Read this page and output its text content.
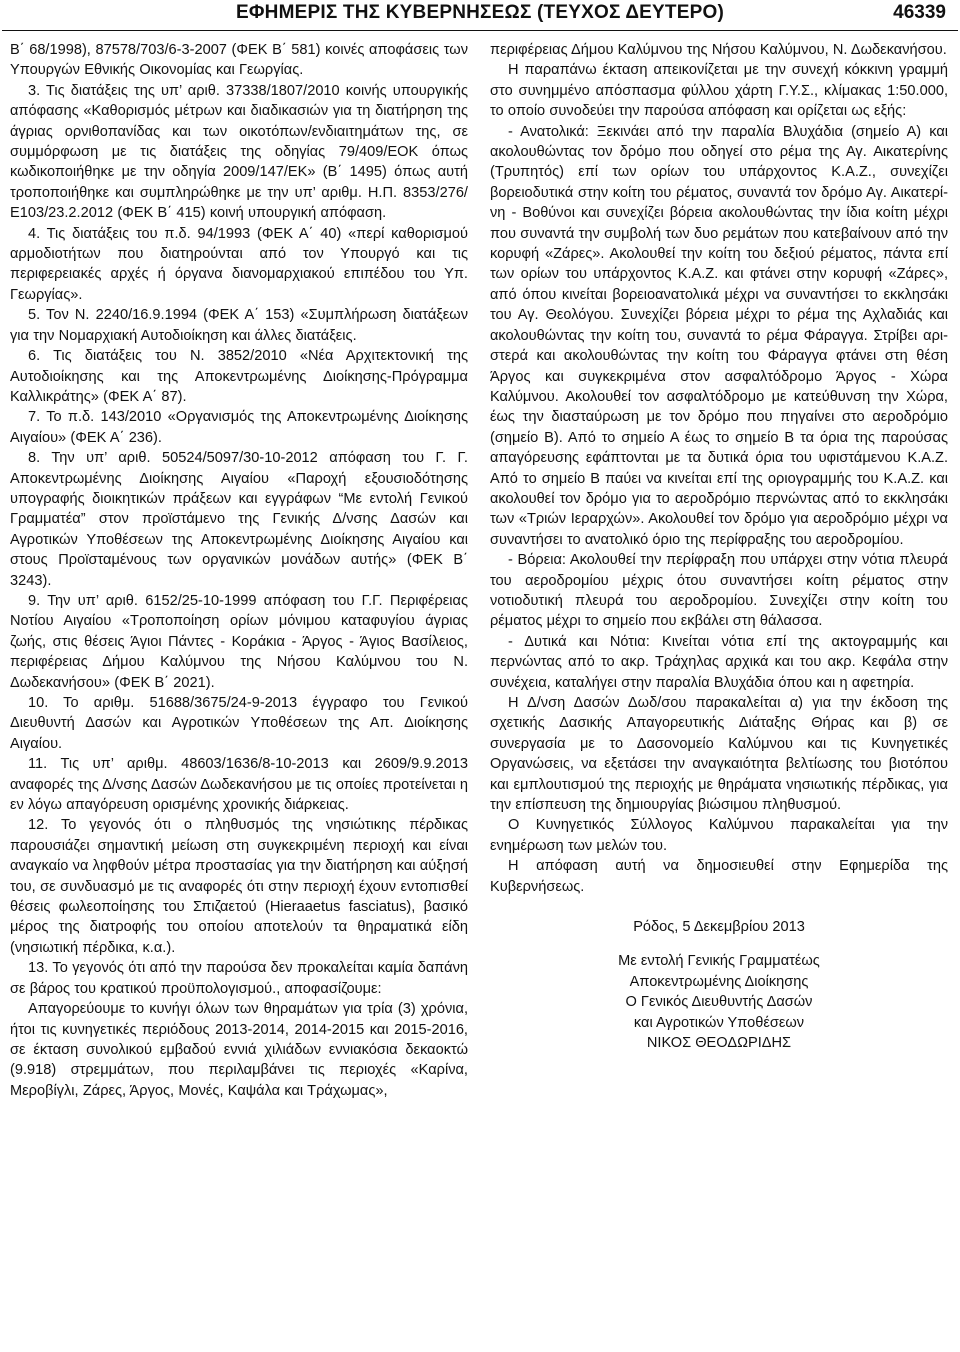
ΕΦΗΜΕΡΙΣ ΤΗΣ ΚΥΒΕΡΝΗΣΕΩΣ (ΤΕΥΧΟΣ ΔΕΥΤΕΡΟ)	46339

Β΄ 68/1998), 87578/703/6-3-2007 (ΦΕΚ Β΄ 581) κοινές αποφάσεις των Υπουργών Εθνικής Οικονομίας και Γεωργίας.

3. Τις διατάξεις της υπ’ αριθ. 37338/1807/2010 κοινής υπουργικής απόφασης «Καθορισμός μέτρων και διαδικασιών για τη διατήρηση της άγριας ορνιθοπανίδας και των οικοτόπων/ενδιαιτημάτων της, σε συμμόρφωση με τις διατάξεις της οδηγίας 79/409/ΕΟΚ όπως κωδικοποιήθηκε με την οδηγία 2009/147/ΕΚ» (Β΄ 1495) όπως αυτή τροποποιήθηκε και συμπληρώθηκε με την υπ’ αριθμ. Η.Π. 8353/276/Ε103/23.2.2012 (ΦΕΚ Β΄ 415) κοινή υπουργική απόφαση.

4. Τις διατάξεις του π.δ. 94/1993 (ΦΕΚ Α΄ 40) «περί καθορισμού αρμοδιοτήτων που διατηρούνται από τον Υπουργό και τις περιφερειακές αρχές ή όργανα διανομαρχιακού επιπέδου του Υπ. Γεωργίας».

5. Τον Ν. 2240/16.9.1994 (ΦΕΚ Α΄ 153) «Συμπλήρωση διατάξεων για την Νομαρχιακή Αυτοδιοίκηση και άλλες διατάξεις.

6. Τις διατάξεις του Ν. 3852/2010 «Νέα Αρχιτεκτονική της Αυτοδιοίκησης και της Αποκεντρωμένης Διοίκησης-Πρόγραμμα Καλλικράτης» (ΦΕΚ Α΄ 87).

7. Το π.δ. 143/2010 «Οργανισμός της Αποκεντρωμένης Διοίκησης Αιγαίου» (ΦΕΚ Α΄ 236).

8. Την υπ’ αριθ. 50524/5097/30-10-2012 απόφαση του Γ. Γ. Αποκεντρωμένης Διοίκησης Αιγαίου «Παροχή εξουσιοδότησης υπογραφής διοικητικών πράξεων και εγγράφων “Με εντολή Γενικού Γραμματέα” στον προϊστάμενο της Γενικής Δ/νσης Δασών και Αγροτικών Υποθέσεων της Αποκεντρωμένης Διοίκησης Αιγαίου και στους Προϊσταμένους των οργανικών μονάδων αυτής» (ΦΕΚ Β΄ 3243).

9. Την υπ’ αριθ. 6152/25-10-1999 απόφαση του Γ.Γ. Περιφέρειας Νοτίου Αιγαίου «Τροποποίηση ορίων μόνιμου καταφυγίου άγριας ζωής, στις θέσεις Άγιοι Πάντες - Κοράκια - Άργος - Άγιος Βασίλειος, περιφέρειας Δήμου Καλύμνου της Νήσου Καλύμνου του Ν. Δωδεκανήσου» (ΦΕΚ Β΄ 2021).

10. Το αριθμ. 51688/3675/24-9-2013 έγγραφο του Γενικού Διευθυντή Δασών και Αγροτικών Υποθέσεων της Απ. Διοίκησης Αιγαίου.

11. Τις υπ’ αριθμ. 48603/1636/8-10-2013 και 2609/9.9.2013 αναφορές της Δ/νσης Δασών Δωδεκανήσου με τις οποίες προτείνεται η εν λόγω απαγόρευση ορισμένης χρονικής διάρκειας.

12. Το γεγονός ότι ο πληθυσμός της νησιώτικης πέρδικας παρουσιάζει σημαντική μείωση στη συγκεκριμένη περιοχή και είναι αναγκαίο να ληφθούν μέτρα προστασίας για την διατήρηση και αύξησή του, σε συνδυασμό με τις αναφορές ότι στην περιοχή έχουν εντοπισθεί θέσεις φωλεοποίησης του Σπιζαετού (Hieraaetus fasciatus), βασικό μέρος της διατροφής του οποίου αποτελούν τα θηραματικά είδη (νησιωτική πέρδικα, κ.α.).

13. Το γεγονός ότι από την παρούσα δεν προκαλείται καμία δαπάνη σε βάρος του κρατικού προϋπολογισμού., αποφασίζουμε:

Απαγορεύουμε το κυνήγι όλων των θηραμάτων για τρία (3) χρόνια, ήτοι τις κυνηγετικές περιόδους 2013-2014, 2014-2015 και 2015-2016, σε έκταση συνολικού εμβαδού εννιά χιλιάδων εννιακόσια δεκαοκτώ (9.918) στρεμμάτων, που περιλαμβάνει τις περιοχές «Καρίνα, Μεροβίγλι, Ζάρες, Άργος, Μονές, Καψάλα και Τράχωμας»,

περιφέρειας Δήμου Καλύμνου της Νήσου Καλύμνου, Ν. Δωδεκανήσου.

Η παραπάνω έκταση απεικονίζεται με την συνεχή κόκκινη γραμμή στο συνημμένο απόσπασμα φύλλου χάρτη Γ.Υ.Σ., κλίμακας 1:50.000, το οποίο συνοδεύει την παρούσα απόφαση και ορίζεται ως εξής:

- Ανατολικά: Ξεκινάει από την παραλία Βλυχάδια (σημείο Α) και ακολουθώντας τον δρόμο που οδηγεί στο ρέμα της Αγ. Αικατερίνης (Τρυπητός) επί των ορίων του υπάρχοντος Κ.Α.Ζ., συνεχίζει βορειοδυτικά στην κοίτη του ρέματος, συναντά τον δρόμο Αγ. Αικατερίνη - Βοθύνοι και συνεχίζει βόρεια ακολουθώντας την ίδια κοίτη μέχρι που συναντά την συμβολή των δυο ρεμάτων που κατεβαίνουν από την κορυφή «Ζάρες». Ακολουθεί την κοίτη του δεξιού ρέματος, πάντα επί των ορίων του υπάρχοντος Κ.Α.Ζ. και φτάνει στην κορυφή «Ζάρες», από όπου κινείται βορειοανατολικά μέχρι να συναντήσει το εκκλησάκι του Αγ. Θεολόγου. Συνεχίζει βόρεια μέχρι το ρέμα της Αχλαδιάς και ακολουθώντας την κοίτη του, συναντά το ρέμα Φάραγγα. Στρίβει αριστερά και ακολουθώντας την κοίτη του Φάραγγα φτάνει στη θέση Άργος και συγκεκριμένα στον ασφαλτόδρομο Άργος - Χώρα Καλύμνου. Ακολουθεί τον ασφαλτόδρομο με κατεύθυνση την Χώρα, έως την διασταύρωση με τον δρόμο που πηγαίνει στο αεροδρόμιο (σημείο Β). Από το σημείο Α έως το σημείο Β τα όρια της παρούσας απαγόρευσης εφάπτονται με τα δυτικά όρια του υφιστάμενου Κ.Α.Ζ. Από το σημείο Β παύει να κινείται επί της οριογραμμής του Κ.Α.Ζ. και ακολουθεί τον δρόμο για το αεροδρόμιο περνώντας από το εκκλησάκι των «Τριών Ιεραρχών». Ακολουθεί τον δρόμο για αεροδρόμιο μέχρι να συναντήσει το ανατολικό όριο της περίφραξης του αεροδρομίου.

- Βόρεια: Ακολουθεί την περίφραξη που υπάρχει στην νότια πλευρά του αεροδρομίου μέχρις ότου συναντήσει κοίτη ρέματος στην νοτιοδυτική πλευρά του αεροδρομίου. Συνεχίζει στην κοίτη του ρέματος μέχρι το σημείο που εκβάλει στη θάλασσα.

- Δυτικά και Νότια: Κινείται νότια επί της ακτογραμμής και περνώντας από το ακρ. Τράχηλας αρχικά και του ακρ. Κεφάλα στην συνέχεια, καταλήγει στην παραλία Βλυχάδια όπου και η αφετηρία.

Η Δ/νση Δασών Δωδ/σου παρακαλείται α) για την έκδοση της σχετικής Δασικής Απαγορευτικής Διάταξης Θήρας και β) σε συνεργασία με το Δασονομείο Καλύμνου και τις Κυνηγετικές Οργανώσεις, να εξετάσει την αναγκαιότητα βελτίωσης του βιοτόπου και εμπλουτισμού της περιοχής με θηράματα νησιωτικής πέρδικας, για την επίσπευση της δημιουργίας βιώσιμου πληθυσμού.

Ο Κυνηγετικός Σύλλογος Καλύμνου παρακαλείται για την ενημέρωση των μελών του.

Η απόφαση αυτή να δημοσιευθεί στην Εφημερίδα της Κυβερνήσεως.

Ρόδος, 5 Δεκεμβρίου 2013
Με εντολή Γενικής Γραμματέως
Αποκεντρωμένης Διοίκησης
Ο Γενικός Διευθυντής Δασών
και Αγροτικών Υποθέσεων
ΝΙΚΟΣ ΘΕΟΔΩΡΙΔΗΣ
